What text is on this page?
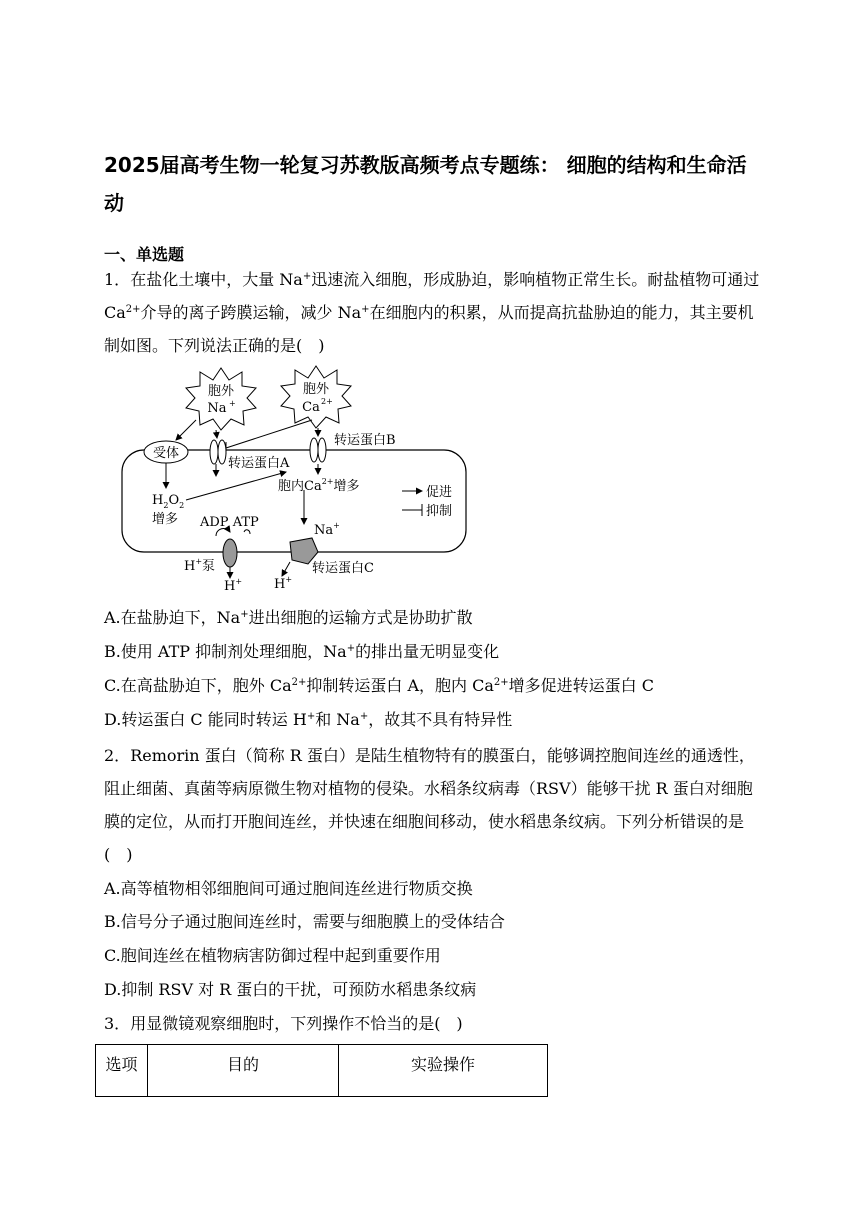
2025届高考生物一轮复习苏教版高频考点专题练： 细胞的结构和生命活动
一、单选题
1．在盐化土壤中，大量 Na+迅速流入细胞，形成胁迫，影响植物正常生长。耐盐植物可通过 $Ca^{2+}$介导的离子跨膜运输，减少 Na+在细胞内的积累，从而提高抗盐胁迫的能力，其主要机制如图。下列说法正确的是(　)
胞外
Na +
胞外
Ca 2+
受体
转运蛋白A
转运蛋白B
$H_2O_2$
增多
胞内$Ca^{2+}$增多
Na+
ADP ATP
H+泵
H+ H+
转运蛋白C
促进
抑制
A.在盐胁迫下，Na+进出细胞的运输方式是协助扩散
B.使用 ATP 抑制剂处理细胞，Na+的排出量无明显变化
C.在高盐胁迫下，胞外 $Ca^{2+}$抑制转运蛋白 A，胞内 $Ca^{2+}$增多促进转运蛋白 C
D.转运蛋白 C 能同时转运 H+和 Na+，故其不具有特异性
2．Remorin 蛋白（简称 R 蛋白）是陆生植物特有的膜蛋白，能够调控胞间连丝的通透性，阻止细菌、真菌等病原微生物对植物的侵染。水稻条纹病毒（RSV）能够干扰 R 蛋白对细胞膜的定位，从而打开胞间连丝，并快速在细胞间移动，使水稻患条纹病。下列分析错误的是(　)
A.高等植物相邻细胞间可通过胞间连丝进行物质交换
B.信号分子通过胞间连丝时，需要与细胞膜上的受体结合
C.胞间连丝在植物病害防御过程中起到重要作用
D.抑制 RSV 对 R 蛋白的干扰，可预防水稻患条纹病
3．用显微镜观察细胞时，下列操作不恰当的是(　)
选项	目的	实验操作
